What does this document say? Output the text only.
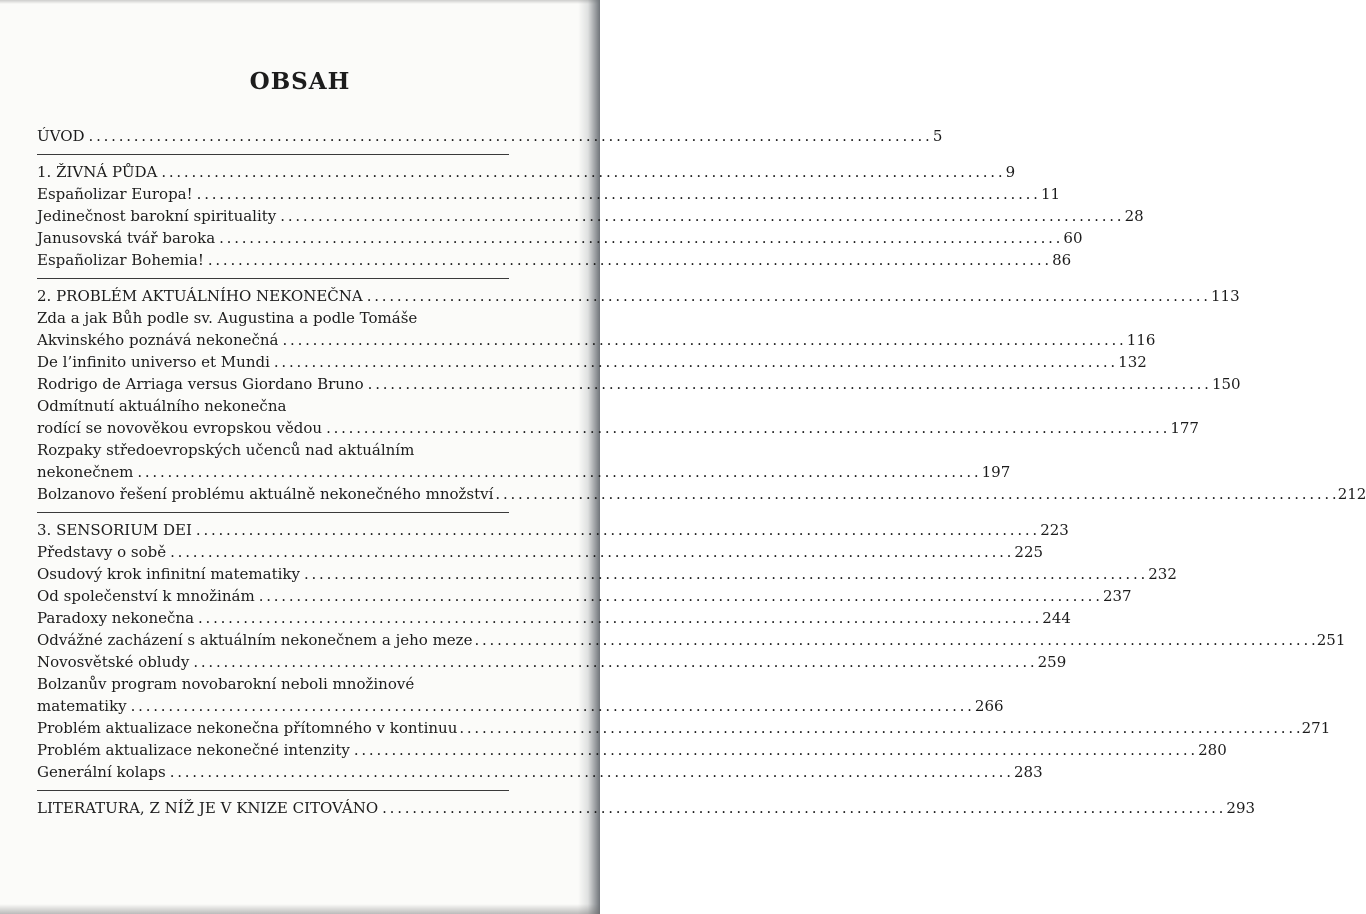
OBSAH
ÚVOD . . .	5
1. ŽIVNÁ PŮDA . . .	9
Españolizar Europa! . . .	11
Jedinečnost barokní spirituality . . .	28
Janusovská tvář baroka . . .	60
Españolizar Bohemia! . . .	86
2. PROBLÉM AKTUÁLNÍHO NEKONEČNA . . .	113
Zda a jak Bůh podle sv. Augustina a podle Tomáše
Akvinského poznává nekonečná . . .	116
De l’infinito universo et Mundi . . .	132
Rodrigo de Arriaga versus Giordano Bruno . . .	150
Odmítnutí aktuálního nekonečna
rodící se novověkou evropskou vědou . . .	177
Rozpaky středoevropských učenců nad aktuálním
nekonečnem . . .	197
Bolzanovo řešení problému aktuálně nekonečného množství . . .	212
3. SENSORIUM DEI . . .	223
Představy o sobě . . .	225
Osudový krok infinitní matematiky . . .	232
Od společenství k množinám . . .	237
Paradoxy nekonečna . . .	244
Odvážné zacházení s aktuálním nekonečnem a jeho meze . . .	251
Novosvětské obludy . . .	259
Bolzanův program novobarokní neboli množinové
matematiky . . .	266
Problém aktualizace nekonečna přítomného v kontinuu . . .	271
Problém aktualizace nekonečné intenzity . . .	280
Generální kolaps . . .	283
LITERATURA, Z NÍŽ JE V KNIZE CITOVÁNO . . .	293
